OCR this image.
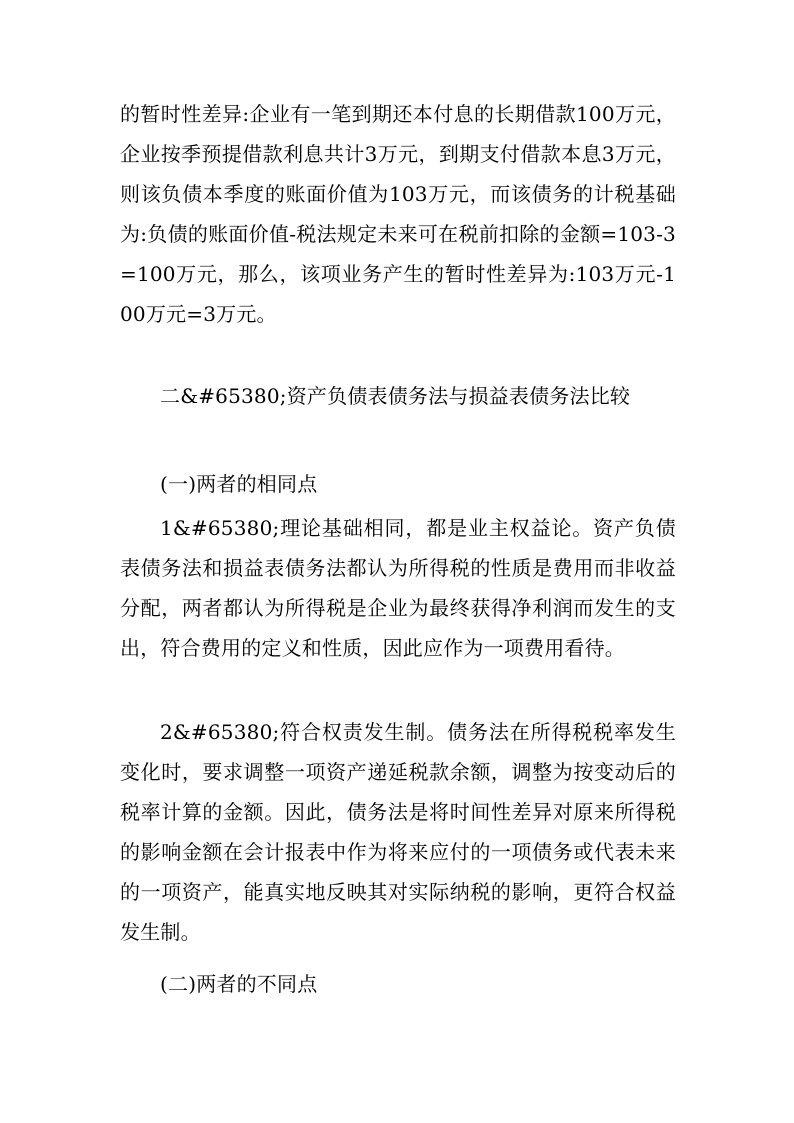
的暂时性差异:企业有一笔到期还本付息的长期借款100万元，企业按季预提借款利息共计3万元，到期支付借款本息3万元，则该负债本季度的账面价值为103万元，而该债务的计税基础为:负债的账面价值-税法规定未来可在税前扣除的金额=103-3=100万元，那么，该项业务产生的暂时性差异为:103万元-100万元=3万元。

二&#65380;资产负债表债务法与损益表债务法比较

(一)两者的相同点

1&#65380;理论基础相同，都是业主权益论。资产负债表债务法和损益表债务法都认为所得税的性质是费用而非收益分配，两者都认为所得税是企业为最终获得净利润而发生的支出，符合费用的定义和性质，因此应作为一项费用看待。

2&#65380;符合权责发生制。债务法在所得税税率发生变化时，要求调整一项资产递延税款余额，调整为按变动后的税率计算的金额。因此，债务法是将时间性差异对原来所得税的影响金额在会计报表中作为将来应付的一项债务或代表未来的一项资产，能真实地反映其对实际纳税的影响，更符合权益发生制。

(二)两者的不同点
